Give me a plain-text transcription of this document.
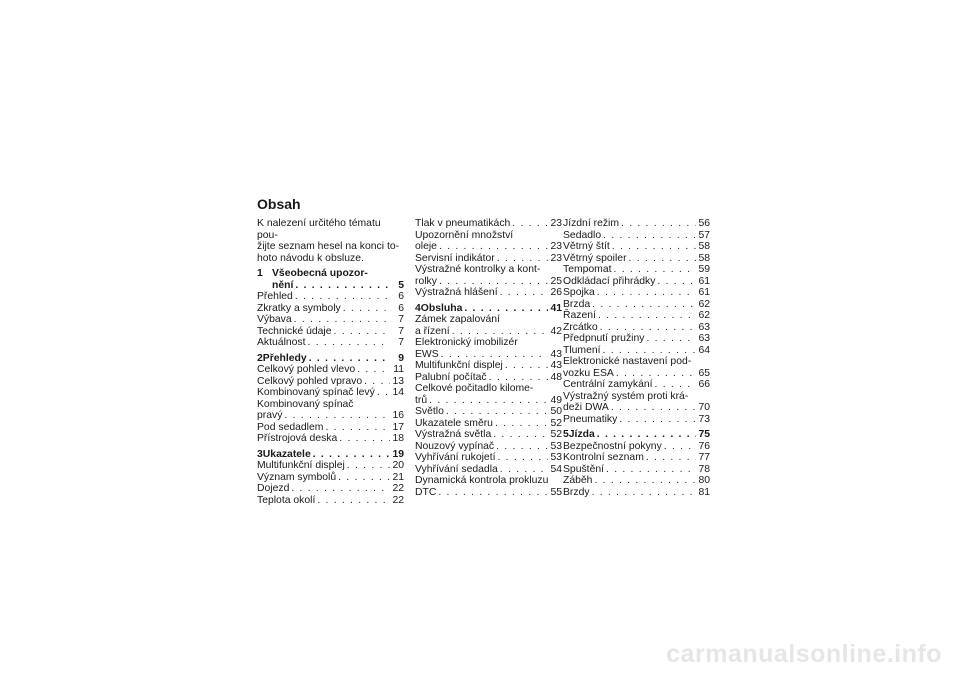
Obsah

K nalezení určitého tématu pou-
žijte seznam hesel na konci to-
hoto návodu k obsluze.

1 Všeobecná upozor-
nění . . .	5
Přehled . . .	6
Zkratky a symboly . . .	6
Výbava . . .	7
Technické údaje . . .	7
Aktuálnost . . .	7
2 Přehledy . . .	9
Celkový pohled vlevo . . .	11
Celkový pohled vpravo . . .	13
Kombinovaný spínač levý . . . 14
Kombinovaný spínač
pravý . . .	16
Pod sedadlem . . .	17
Přístrojová deska . . .	18
3 Ukazatele . . .	19
Multifunkční displej . . .	20
Význam symbolů . . .	21
Dojezd . . .	22
Teplota okolí . . .	22
Tlak v pneumatikách . . .	23
Upozornění množství
oleje . . .	23
Servisní indikátor . . .	23
Výstražné kontrolky a kont-
rolky . . .	25
Výstražná hlášení . . .	26
4 Obsluha . . .	41
Zámek zapalování
a řízení . . .	42
Elektronický imobilizér
EWS . . .	43
Multifunkční displej . . .	43
Palubní počítač . . .	48
Celkové počitadlo kilome-
trů . . .	49
Světlo . . .	50
Ukazatele směru . . .	52
Výstražná světla . . .	52
Nouzový vypínač . . .	53
Vyhřívání rukojetí . . .	53
Vyhřívání sedadla . . .	54
Dynamická kontrola prokluzu
DTC . . .	55
Jízdní režim . . .	56
Sedadlo . . .	57
Větrný štít . . .	58
Větrný spoiler . . .	58
Tempomat . . .	59
Odkládací přihrádky . . .	61
Spojka . . .	61
Brzda . . .	62
Řazení . . .	62
Zrcátko . . .	63
Předpnutí pružiny . . .	63
Tlumení . . .	64
Elektronické nastavení pod-
vozku ESA . . .	65
Centrální zamykání . . .	66
Výstražný systém proti krá-
deži DWA . . .	70
Pneumatiky . . .	73
5 Jízda . . .	75
Bezpečnostní pokyny . . .	76
Kontrolní seznam . . .	77
Spuštění . . .	78
Záběh . . .	80
Brzdy . . .	81
carmanualsonline.info
